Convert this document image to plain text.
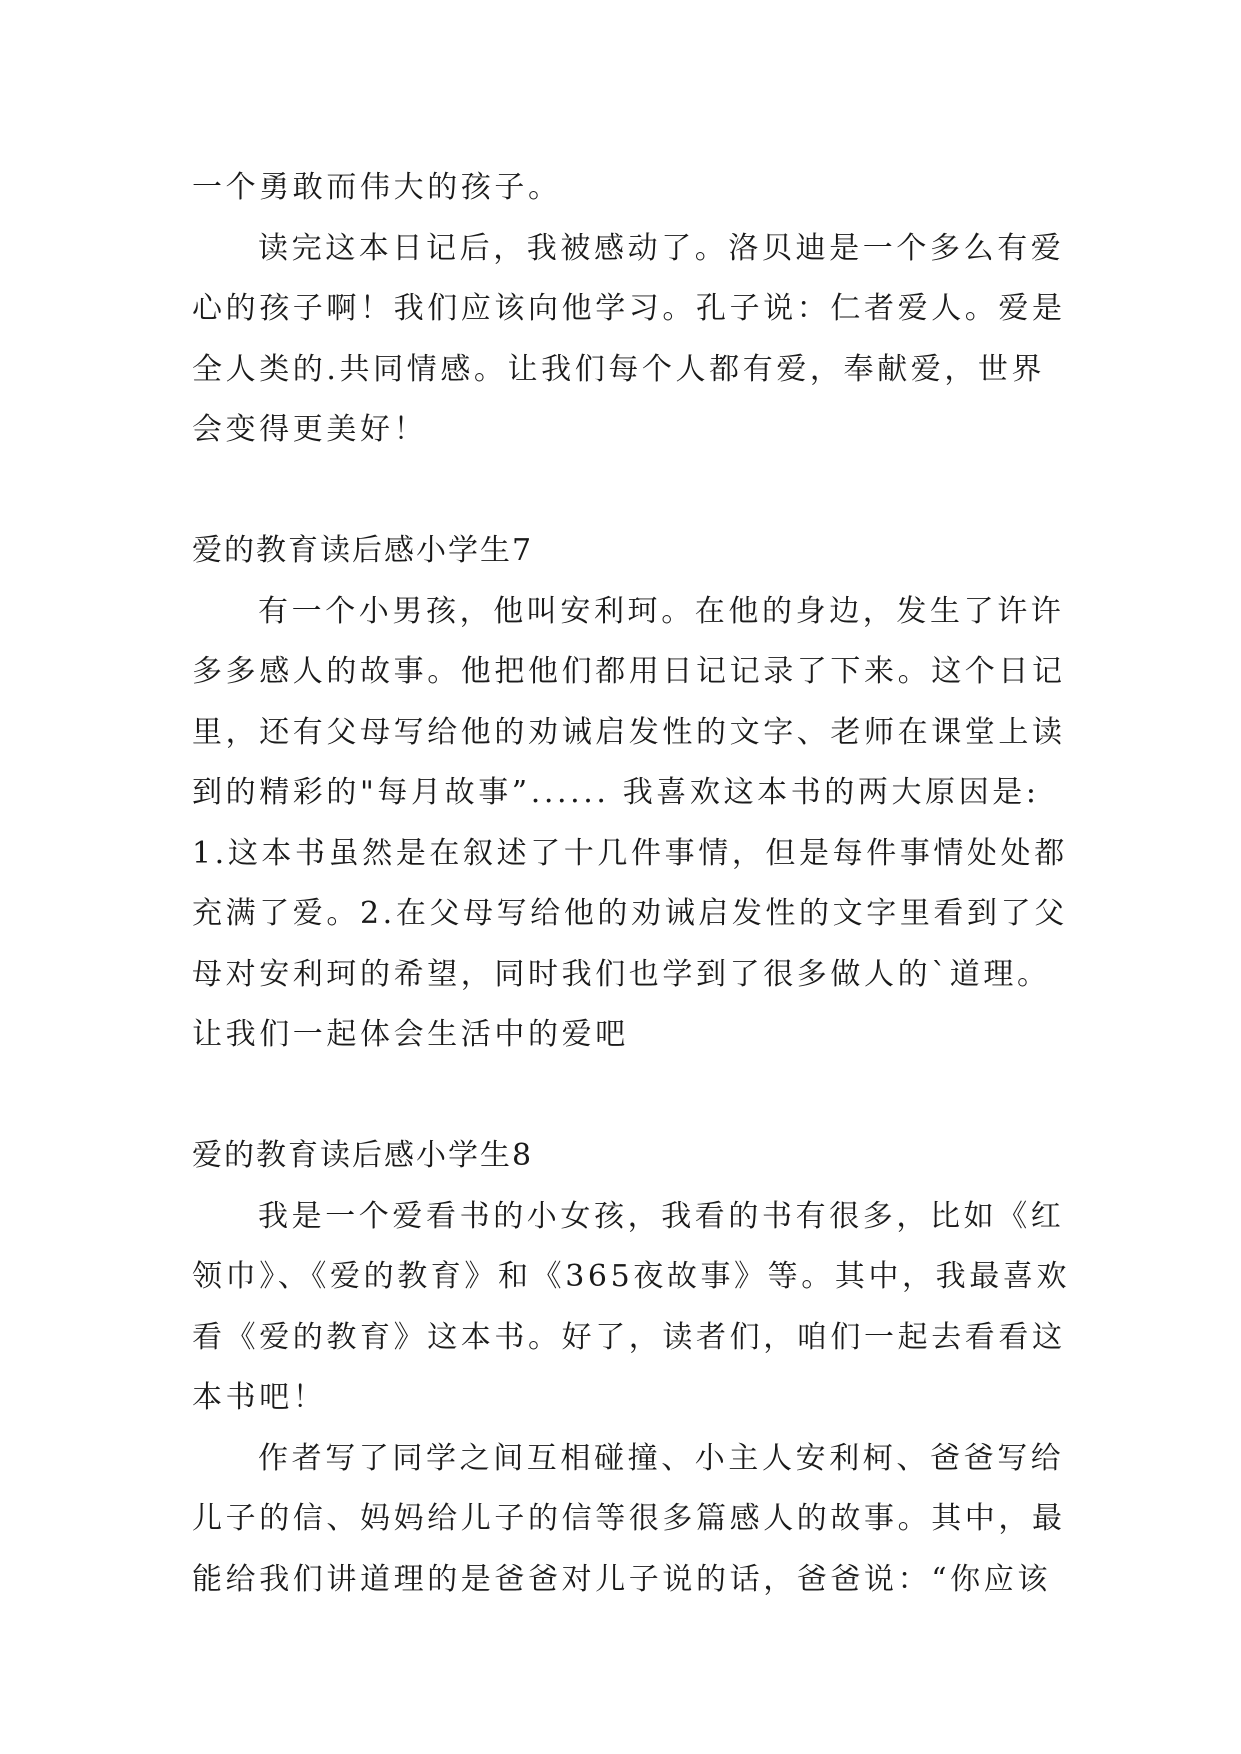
一个勇敢而伟大的孩子。
读完这本日记后，我被感动了。洛贝迪是一个多么有爱
心的孩子啊！我们应该向他学习。孔子说：仁者爱人。爱是
全人类的.共同情感。让我们每个人都有爱，奉献爱，世界
会变得更美好！
爱的教育读后感小学生7
有一个小男孩，他叫安利珂。在他的身边，发生了许许
多多感人的故事。他把他们都用日记记录了下来。这个日记
里，还有父母写给他的劝诫启发性的文字、老师在课堂上读
到的精彩的"每月故事”...... 我喜欢这本书的两大原因是:
1.这本书虽然是在叙述了十几件事情，但是每件事情处处都
充满了爱。2.在父母写给他的劝诫启发性的文字里看到了父
母对安利珂的希望，同时我们也学到了很多做人的`道理。
让我们一起体会生活中的爱吧
爱的教育读后感小学生8
我是一个爱看书的小女孩，我看的书有很多，比如《红
领巾》、《爱的教育》和《365夜故事》等。其中，我最喜欢
看《爱的教育》这本书。好了，读者们，咱们一起去看看这
本书吧！
作者写了同学之间互相碰撞、小主人安利柯、爸爸写给
儿子的信、妈妈给儿子的信等很多篇感人的故事。其中，最
能给我们讲道理的是爸爸对儿子说的话，爸爸说：“你应该
